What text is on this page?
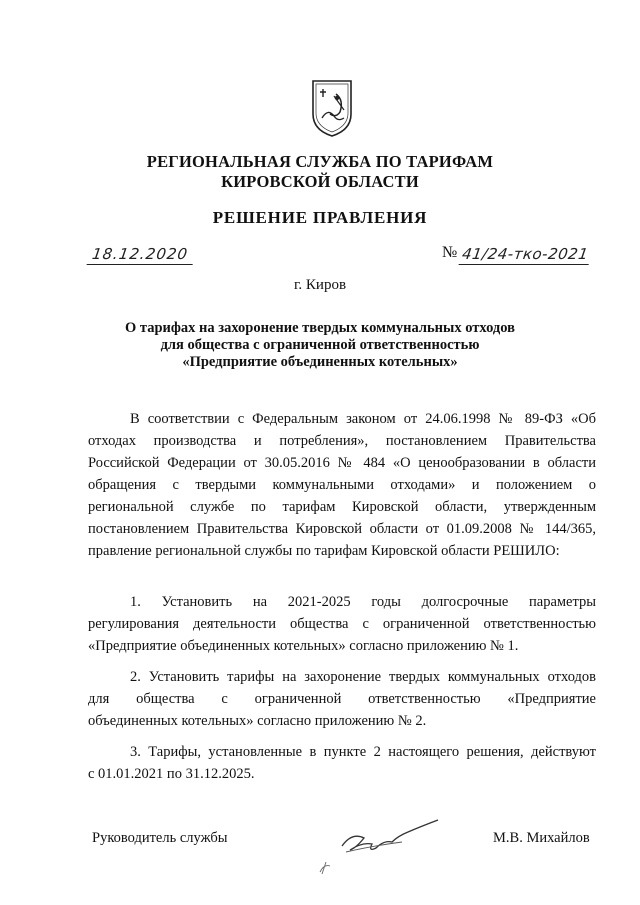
РЕГИОНАЛЬНАЯ СЛУЖБА ПО ТАРИФАМ
КИРОВСКОЙ ОБЛАСТИ
РЕШЕНИЕ ПРАВЛЕНИЯ
18.12.2020	№ 41/24-тко-2021
г. Киров
О тарифах на захоронение твердых коммунальных отходов
для общества с ограниченной ответственностью
«Предприятие объединенных котельных»
В соответствии с Федеральным законом от 24.06.1998 № 89-ФЗ «Об
отходах производства и потребления», постановлением Правительства
Российской Федерации от 30.05.2016 № 484 «О ценообразовании в области
обращения с твердыми коммунальными отходами» и положением о
региональной службе по тарифам Кировской области, утвержденным
постановлением Правительства Кировской области от 01.09.2008 № 144/365,
правление региональной службы по тарифам Кировской области РЕШИЛО:
1. Установить на 2021-2025 годы долгосрочные параметры
регулирования деятельности общества с ограниченной ответственностью
«Предприятие объединенных котельных» согласно приложению № 1.
2. Установить тарифы на захоронение твердых коммунальных отходов
для общества с ограниченной ответственностью «Предприятие
объединенных котельных» согласно приложению № 2.
3. Тарифы, установленные в пункте 2 настоящего решения, действуют
с 01.01.2021 по 31.12.2025.
Руководитель службы	М.В. Михайлов
